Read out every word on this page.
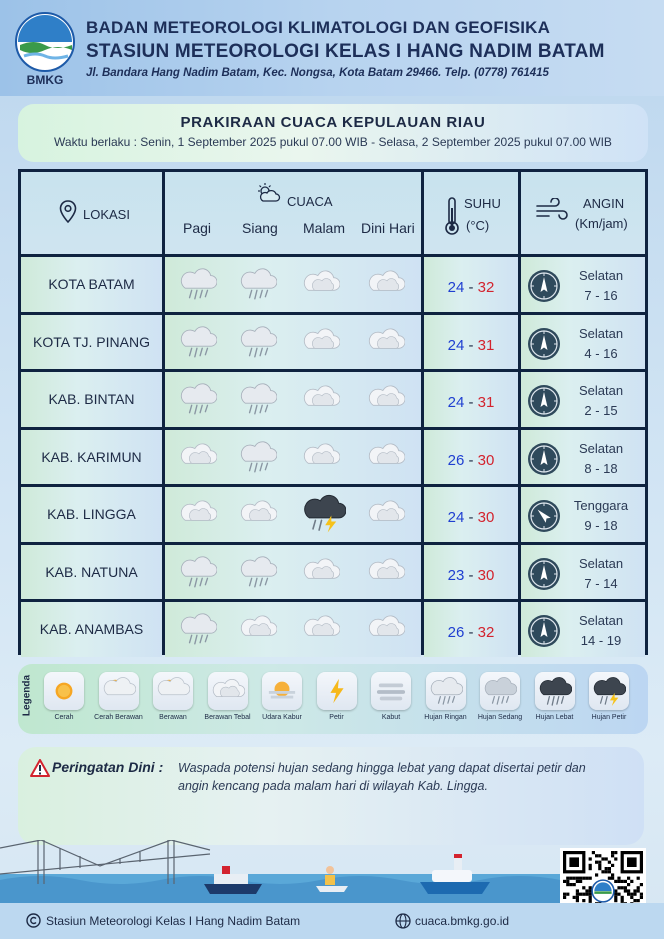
BMKG
BADAN METEOROLOGI KLIMATOLOGI DAN GEOFISIKA
STASIUN METEOROLOGI KELAS I HANG NADIM BATAM
Jl. Bandara Hang Nadim Batam, Kec. Nongsa, Kota Batam 29466. Telp. (0778) 761415
PRAKIRAAN CUACA KEPULAUAN RIAU
Waktu berlaku : Senin, 1 September 2025 pukul 07.00 WIB - Selasa, 2 September 2025 pukul 07.00 WIB
LOKASI
CUACA
Pagi Siang Malam Dini Hari
SUHU
(°C)
ANGIN
(Km/jam)
KOTA BATAM	24 - 32
Selatan
7 - 16
KOTA TJ. PINANG	24 - 31
Selatan
4 - 16
KAB. BINTAN	24 - 31
Selatan
2 - 15
KAB. KARIMUN	26 - 30
Selatan
8 - 18
KAB. LINGGA	24 - 30
Tenggara
9 - 18
KAB. NATUNA	23 - 30
Selatan
7 - 14
KAB. ANAMBAS	26 - 32
Selatan
14 - 19
Legenda
Cerah	Cerah Berawan	Berawan	Berawan Tebal	Udara Kabur	Petir	Kabut	Hujan Ringan	Hujan Sedang	Hujan Lebat	Hujan Petir
Peringatan Dini : Waspada potensi hujan sedang hingga lebat yang dapat disertai petir dan angin kencang pada malam hari di wilayah Kab. Lingga.
Stasiun Meteorologi Kelas I Hang Nadim Batam	cuaca.bmkg.go.id
